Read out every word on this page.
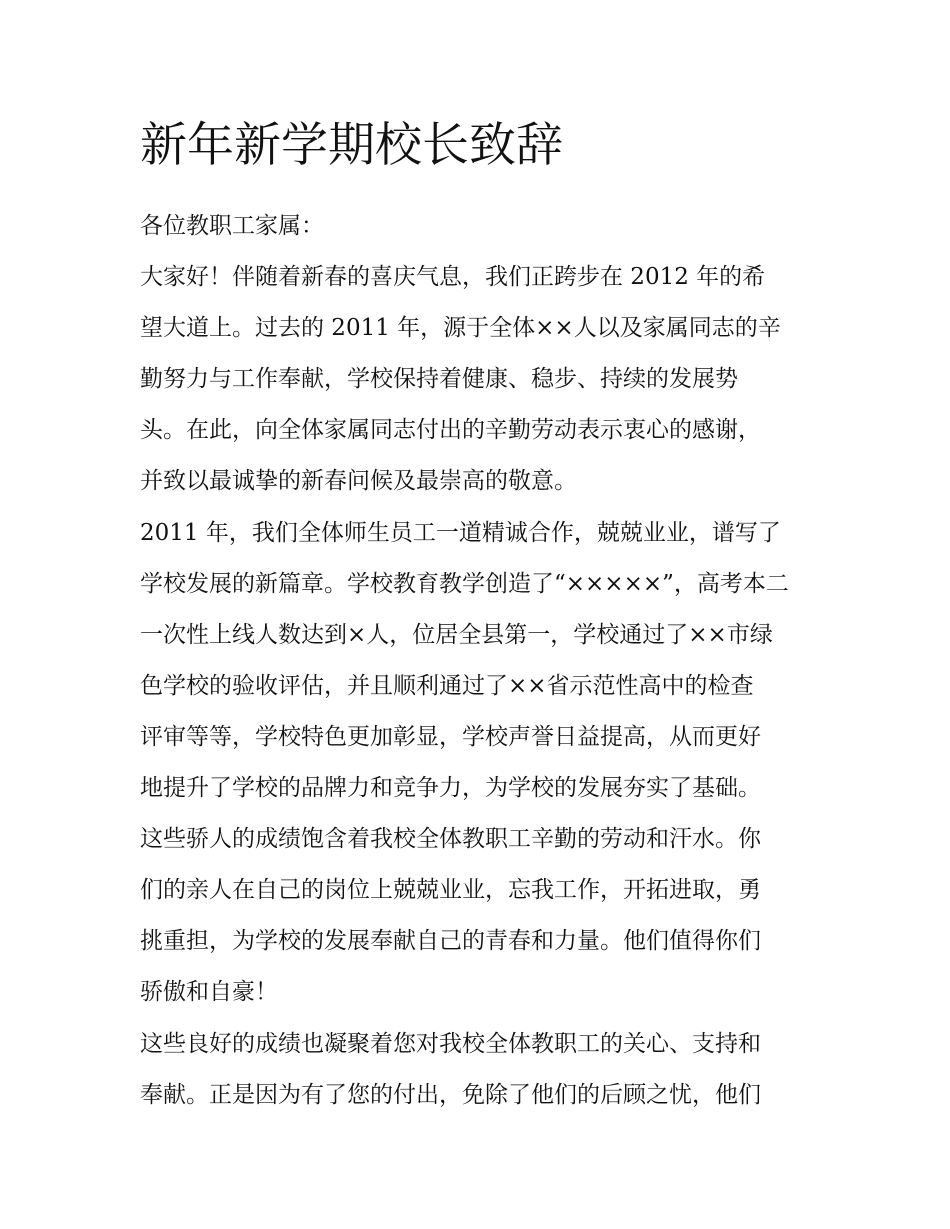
新年新学期校长致辞
各位教职工家属：
大家好！伴随着新春的喜庆气息，我们正跨步在 2012 年的希
望大道上。过去的 2011 年，源于全体××人以及家属同志的辛
勤努力与工作奉献，学校保持着健康、稳步、持续的发展势
头。在此，向全体家属同志付出的辛勤劳动表示衷心的感谢，
并致以最诚挚的新春问候及最崇高的敬意。
2011 年，我们全体师生员工一道精诚合作，兢兢业业，谱写了
学校发展的新篇章。学校教育教学创造了“×××××”，高考本二
一次性上线人数达到×人，位居全县第一，学校通过了××市绿
色学校的验收评估，并且顺利通过了××省示范性高中的检查
评审等等，学校特色更加彰显，学校声誉日益提高，从而更好
地提升了学校的品牌力和竞争力，为学校的发展夯实了基础。
这些骄人的成绩饱含着我校全体教职工辛勤的劳动和汗水。你
们的亲人在自己的岗位上兢兢业业，忘我工作，开拓进取，勇
挑重担，为学校的发展奉献自己的青春和力量。他们值得你们
骄傲和自豪！
这些良好的成绩也凝聚着您对我校全体教职工的关心、支持和
奉献。正是因为有了您的付出，免除了他们的后顾之忧，他们
